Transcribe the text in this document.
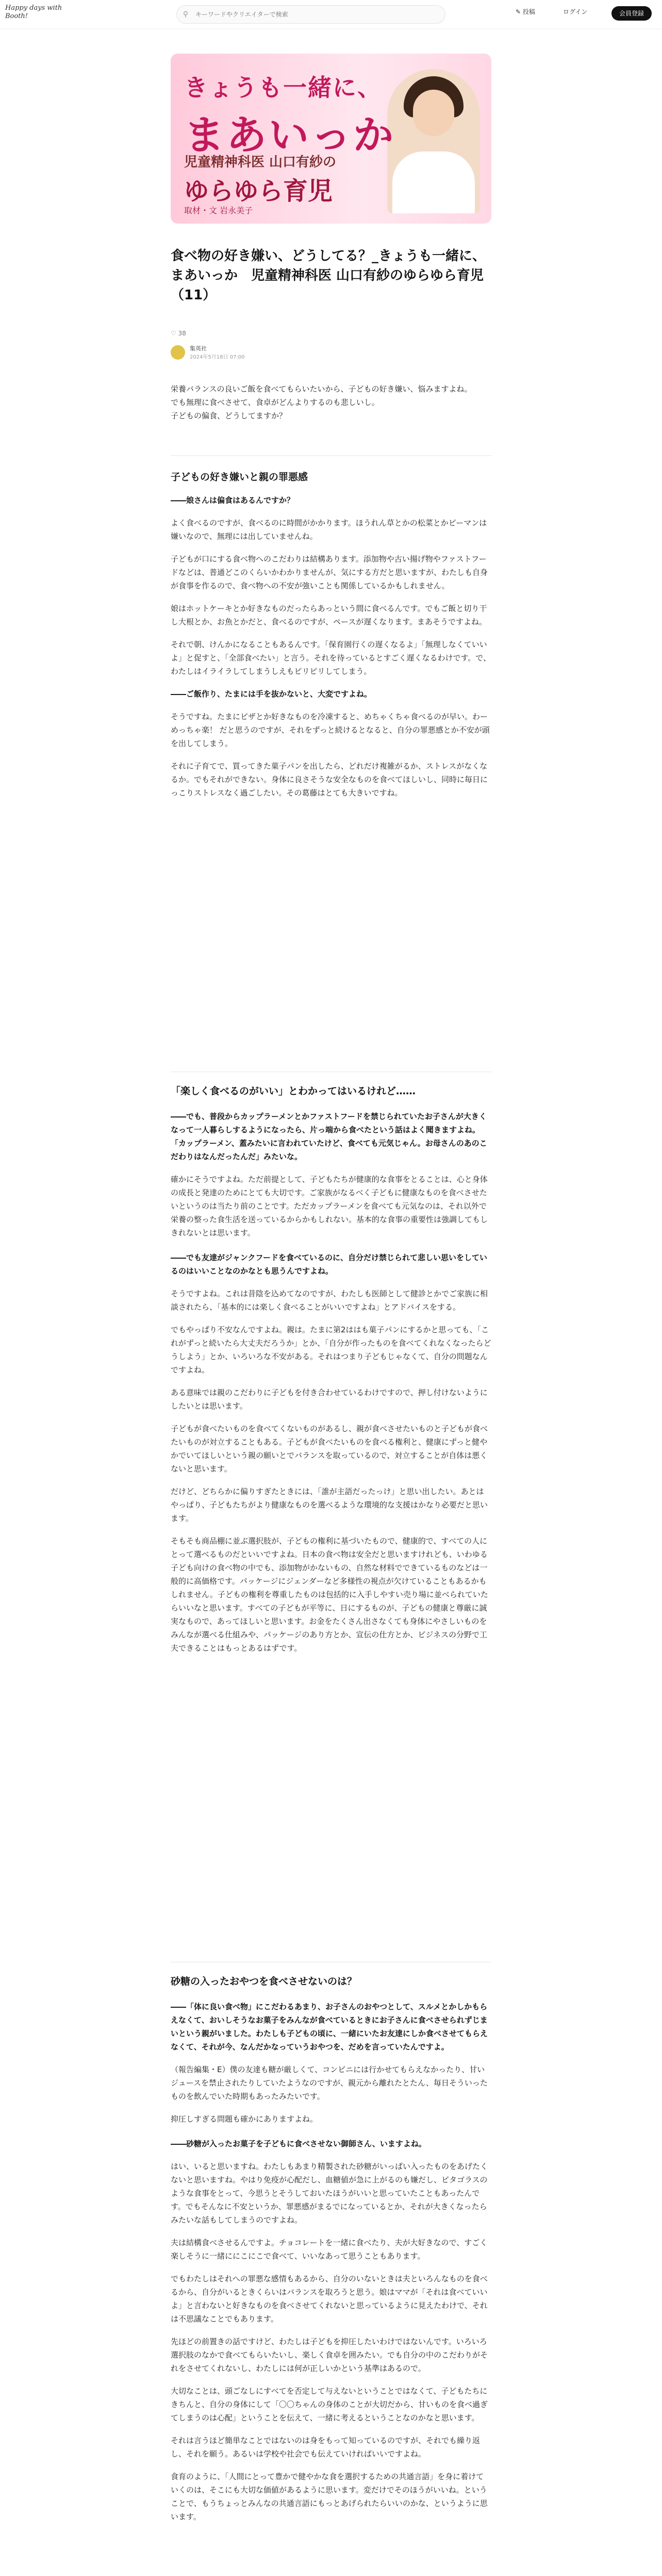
Happy days with Booth!	⚲
キーワードやクリエイターで検索	✎ 投稿	ログイン	会員登録
きょうも一緒に、
まあいっか
児童精神科医 山口有紗の
ゆらゆら育児
取材・文 岩永美子
食べ物の好き嫌い、どうしてる？_きょうも一緒に、まあいっか　児童精神科医 山口有紗のゆらゆら育児（11）
♡ 38
集英社
2024年5月18日 07:00

栄養バランスの良いご飯を食べてもらいたいから、子どもの好き嫌い、悩みますよね。

でも無理に食べさせて、食卓がどんよりするのも悲しいし。

子どもの偏食、どうしてますか？

子どもの好き嫌いと親の罪悪感
――娘さんは偏食はあるんですか？

よく食べるのですが、食べるのに時間がかかります。ほうれん草とかの松菜とかピーマンは嫌いなので、無理には出していませんね。

子どもが口にする食べ物へのこだわりは結構あります。添加物や古い揚げ物やファストフードなどは、普通どこのくらいかわかりませんが、気にする方だと思いますが、わたしも自身が食事を作るので、食べ物への不安が強いことも関係しているかもしれません。

娘はホットケーキとか好きなものだったらあっという間に食べるんです。でもご飯と切り干し大根とか、お魚とかだと、食べるのですが、ペースが遅くなります。まあそうですよね。

それで朝、けんかになることもあるんです。「保育園行くの遅くなるよ」「無理しなくていいよ」と促すと、「全部食べたい」と言う。それを待っているとすごく遅くなるわけです。で、わたしはイライラしてしまうしえもピリピリしてしまう。

――ご飯作り、たまには手を抜かないと、大変ですよね。

そうですね。たまにピザとか好きなものを冷凍すると、めちゃくちゃ食べるのが早い。わーめっちゃ楽！ だと思うのですが、それをずっと続けるとなると、自分の罪悪感とか不安が頭を出してしまう。

それに子育てで、買ってきた菓子パンを出したら、どれだけ複雑がるか、ストレスがなくなるか。でもそれができない。身体に良さそうな安全なものを食べてほしいし、同時に毎日にっこりストレスなく過ごしたい。その葛藤はとても大きいですね。

「楽しく食べるのがいい」とわかってはいるけれど……
――でも、普段からカップラーメンとかファストフードを禁じられていたお子さんが大きくなって一人暮らしするようになったら、片っ端から食べたという話はよく聞きますよね。「カップラーメン、蓋みたいに言われていたけど、食べても元気じゃん。お母さんのあのこだわりはなんだったんだ」みたいな。

確かにそうですよね。ただ前提として、子どもたちが健康的な食事をとることは、心と身体の成長と発達のためにとても大切です。ご家族がなるべく子どもに健康なものを食べさせたいというのは当たり前のことです。ただカップラーメンを食べても元気なのは、それ以外で栄養の整った食生活を送っているからかもしれない。基本的な食事の重要性は強調してもしきれないとは思います。

――でも友達がジャンクフードを食べているのに、自分だけ禁じられて悲しい思いをしているのはいいことなのかなとも思うんですよね。

そうですよね。これは昔陰を込めてなのですが、わたしも医師として健診とかでご家族に相談されたら、「基本的には楽しく食べることがいいですよね」とアドバイスをする。

でもやっぱり不安なんですよね。親は。たまに第2ははも菓子パンにするかと思っても、「これがずっと続いたら大丈夫だろうか」とか、「自分が作ったものを食べてくれなくなったらどうしよう」とか、いろいろな不安がある。それはつまり子どもじゃなくて、自分の問題なんですよね。

ある意味では親のこだわりに子どもを付き合わせているわけですので、押し付けないようにしたいとは思います。

子どもが食べたいものを食べてくないものがあるし、親が食べさせたいものと子どもが食べたいものが対立することもある。子どもが食べたいものを食べる権利と、健康にずっと健やかでいてほしいという親の願いとでバランスを取っているので、対立することが自体は悪くないと思います。

だけど、どちらかに偏りすぎたときには、「誰が主語だったっけ」と思い出したい。あとはやっぱり、子どもたちがより健康なものを選べるような環境的な支援はかなり必要だと思います。

そもそも商品棚に並ぶ選択肢が、子どもの権利に基づいたもので、健康的で、すべての人にとって選べるものだといいですよね。日本の食べ物は安全だと思いますけれども、いわゆる子ども向けの食べ物の中でも、添加物がかないもの、自然な材料でできているものなどは一般的に高価格です。パッケージにジェンダーなど多様性の視点が欠けていることもあるかもしれません。子どもの権利を尊重したものは包括的に入手しやすい売り場に並べられていたらいいなと思います。すべての子どもが平等に、日にするものが、子どもの健康と尊厳に誠実なもので、あってほしいと思います。お金をたくさん出さなくても身体にやさしいものをみんなが選べる仕組みや、パッケージのあり方とか、宣伝の仕方とか、ビジネスの分野で工夫できることはもっとあるはずです。

砂糖の入ったおやつを食べさせないのは？
――「体に良い食べ物」にこだわるあまり、お子さんのおやつとして、スルメとかしかもらえなくて、おいしそうなお菓子をみんなが食べているときにお子さんに食べさせられずじまいという親がいました。わたしも子どもの頃に、一緒にいたお友達にしか食べさせてもらえなくて、それが今、なんだかなっていうおやつを、だめを言っていたんですよ。

（報告編集・E）僕の友達も糖が厳しくて、コンビニには行かせてもらえなかったり、甘いジュースを禁止されたりしていたようなのですが、親元から離れたとたん、毎日そういったものを飲んでいた時期もあったみたいです。

抑圧しすぎる問題も確かにありますよね。

――砂糖が入ったお菓子を子どもに食べさせない御師さん、いますよね。

はい、いると思いますね。わたしもあまり精製された砂糖がいっぱい入ったものをあげたくないと思いますね。やはり免疫が心配だし、血糖値が急に上がるのも嫌だし、ピタゴラスのような食事をとって、今思うとそうしておいたほうがいいと思っていたこともあったんです。でもそんなに不安というか、罪悪感がまるでになっているとか、それが大きくなったらみたいな話もしてしまうのですよね。

夫は結構食べさせるんですよ。チョコレートを一緒に食べたり、夫が大好きなので、すごく楽しそうに一緒ににこにこで食べて、いいなあって思うこともあります。

でもわたしはそれへの罪悪な感情もあるから、自分のいないときは夫といろんなものを食べるから、自分がいるときくらいはバランスを取ろうと思う。娘はママが「それは食べていいよ」と言わないと好きなものを食べさせてくれないと思っているように見えたわけで、それは不思議なことでもあります。

先ほどの前置きの話ですけど、わたしは子どもを抑圧したいわけではないんです。いろいろ選択肢のなかで食べてもらいたいし、楽しく食卓を囲みたい。でも自分の中のこだわりがそれをさせてくれないし、わたしには何が正しいかという基準はあるので。

大切なことは、頭ごなしにすべてを否定して与えないということではなくて、子どもたちにきちんと、自分の身体にして「〇〇ちゃんの身体のことが大切だから、甘いものを食べ過ぎてしまうのは心配」ということを伝えて、一緒に考えるということなのかなと思います。

それは言うほど簡単なことではないのは身をもって知っているのですが、それでも繰り返し、それを願う。あるいは学校や社会でも伝えていければいいですよね。

食育のように、「人間にとって豊かで健やかな食を選択するための共通言語」を身に着けていくのは、そこにも大切な価値があるように思います。変だけでそのほうがいいね。ということで、もうちょっとみんなの共通言語にもっとあげられたらいいのかな、というように思います。
